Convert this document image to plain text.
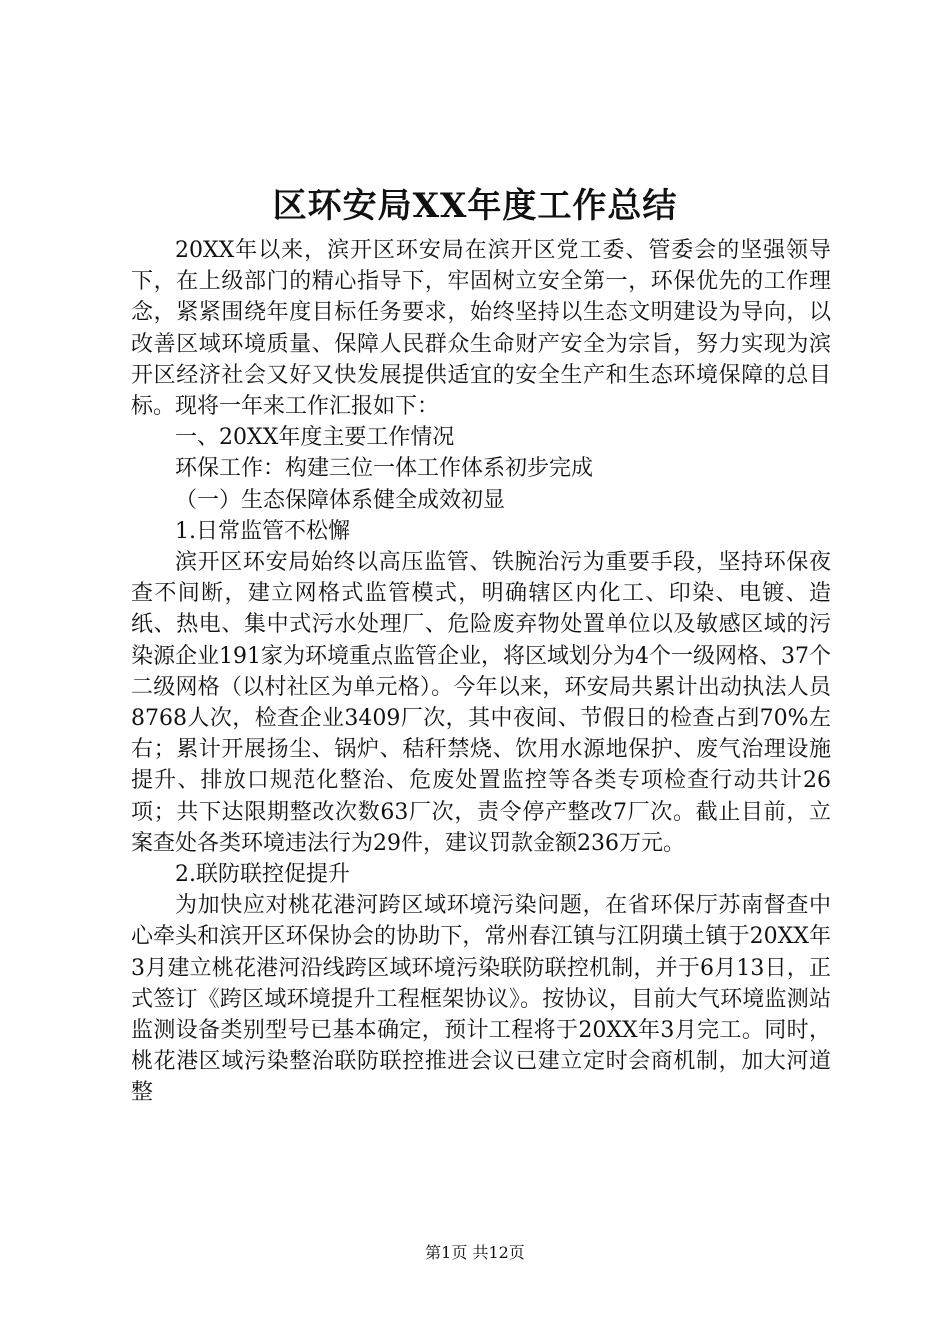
区环安局XX年度工作总结

20XX年以来，滨开区环安局在滨开区党工委、管委会的坚强领导下，在上级部门的精心指导下，牢固树立安全第一，环保优先的工作理念，紧紧围绕年度目标任务要求，始终坚持以生态文明建设为导向，以改善区域环境质量、保障人民群众生命财产安全为宗旨，努力实现为滨开区经济社会又好又快发展提供适宜的安全生产和生态环境保障的总目标。现将一年来工作汇报如下：

一、20XX年度主要工作情况

环保工作：构建三位一体工作体系初步完成

（一）生态保障体系健全成效初显

1.日常监管不松懈

滨开区环安局始终以高压监管、铁腕治污为重要手段，坚持环保夜查不间断，建立网格式监管模式，明确辖区内化工、印染、电镀、造纸、热电、集中式污水处理厂、危险废弃物处置单位以及敏感区域的污染源企业191家为环境重点监管企业，将区域划分为4个一级网格、37个二级网格（以村社区为单元格）。今年以来，环安局共累计出动执法人员8768人次，检查企业3409厂次，其中夜间、节假日的检查占到70%左右；累计开展扬尘、锅炉、秸秆禁烧、饮用水源地保护、废气治理设施提升、排放口规范化整治、危废处置监控等各类专项检查行动共计26项；共下达限期整改次数63厂次，责令停产整改7厂次。截止目前，立案查处各类环境违法行为29件，建议罚款金额236万元。

2.联防联控促提升

为加快应对桃花港河跨区域环境污染问题，在省环保厅苏南督查中心牵头和滨开区环保协会的协助下，常州春江镇与江阴璜土镇于20XX年3月建立桃花港河沿线跨区域环境污染联防联控机制，并于6月13日，正式签订《跨区域环境提升工程框架协议》。按协议，目前大气环境监测站监测设备类别型号已基本确定，预计工程将于20XX年3月完工。同时，桃花港区域污染整治联防联控推进会议已建立定时会商机制，加大河道整

第1页 共12页
